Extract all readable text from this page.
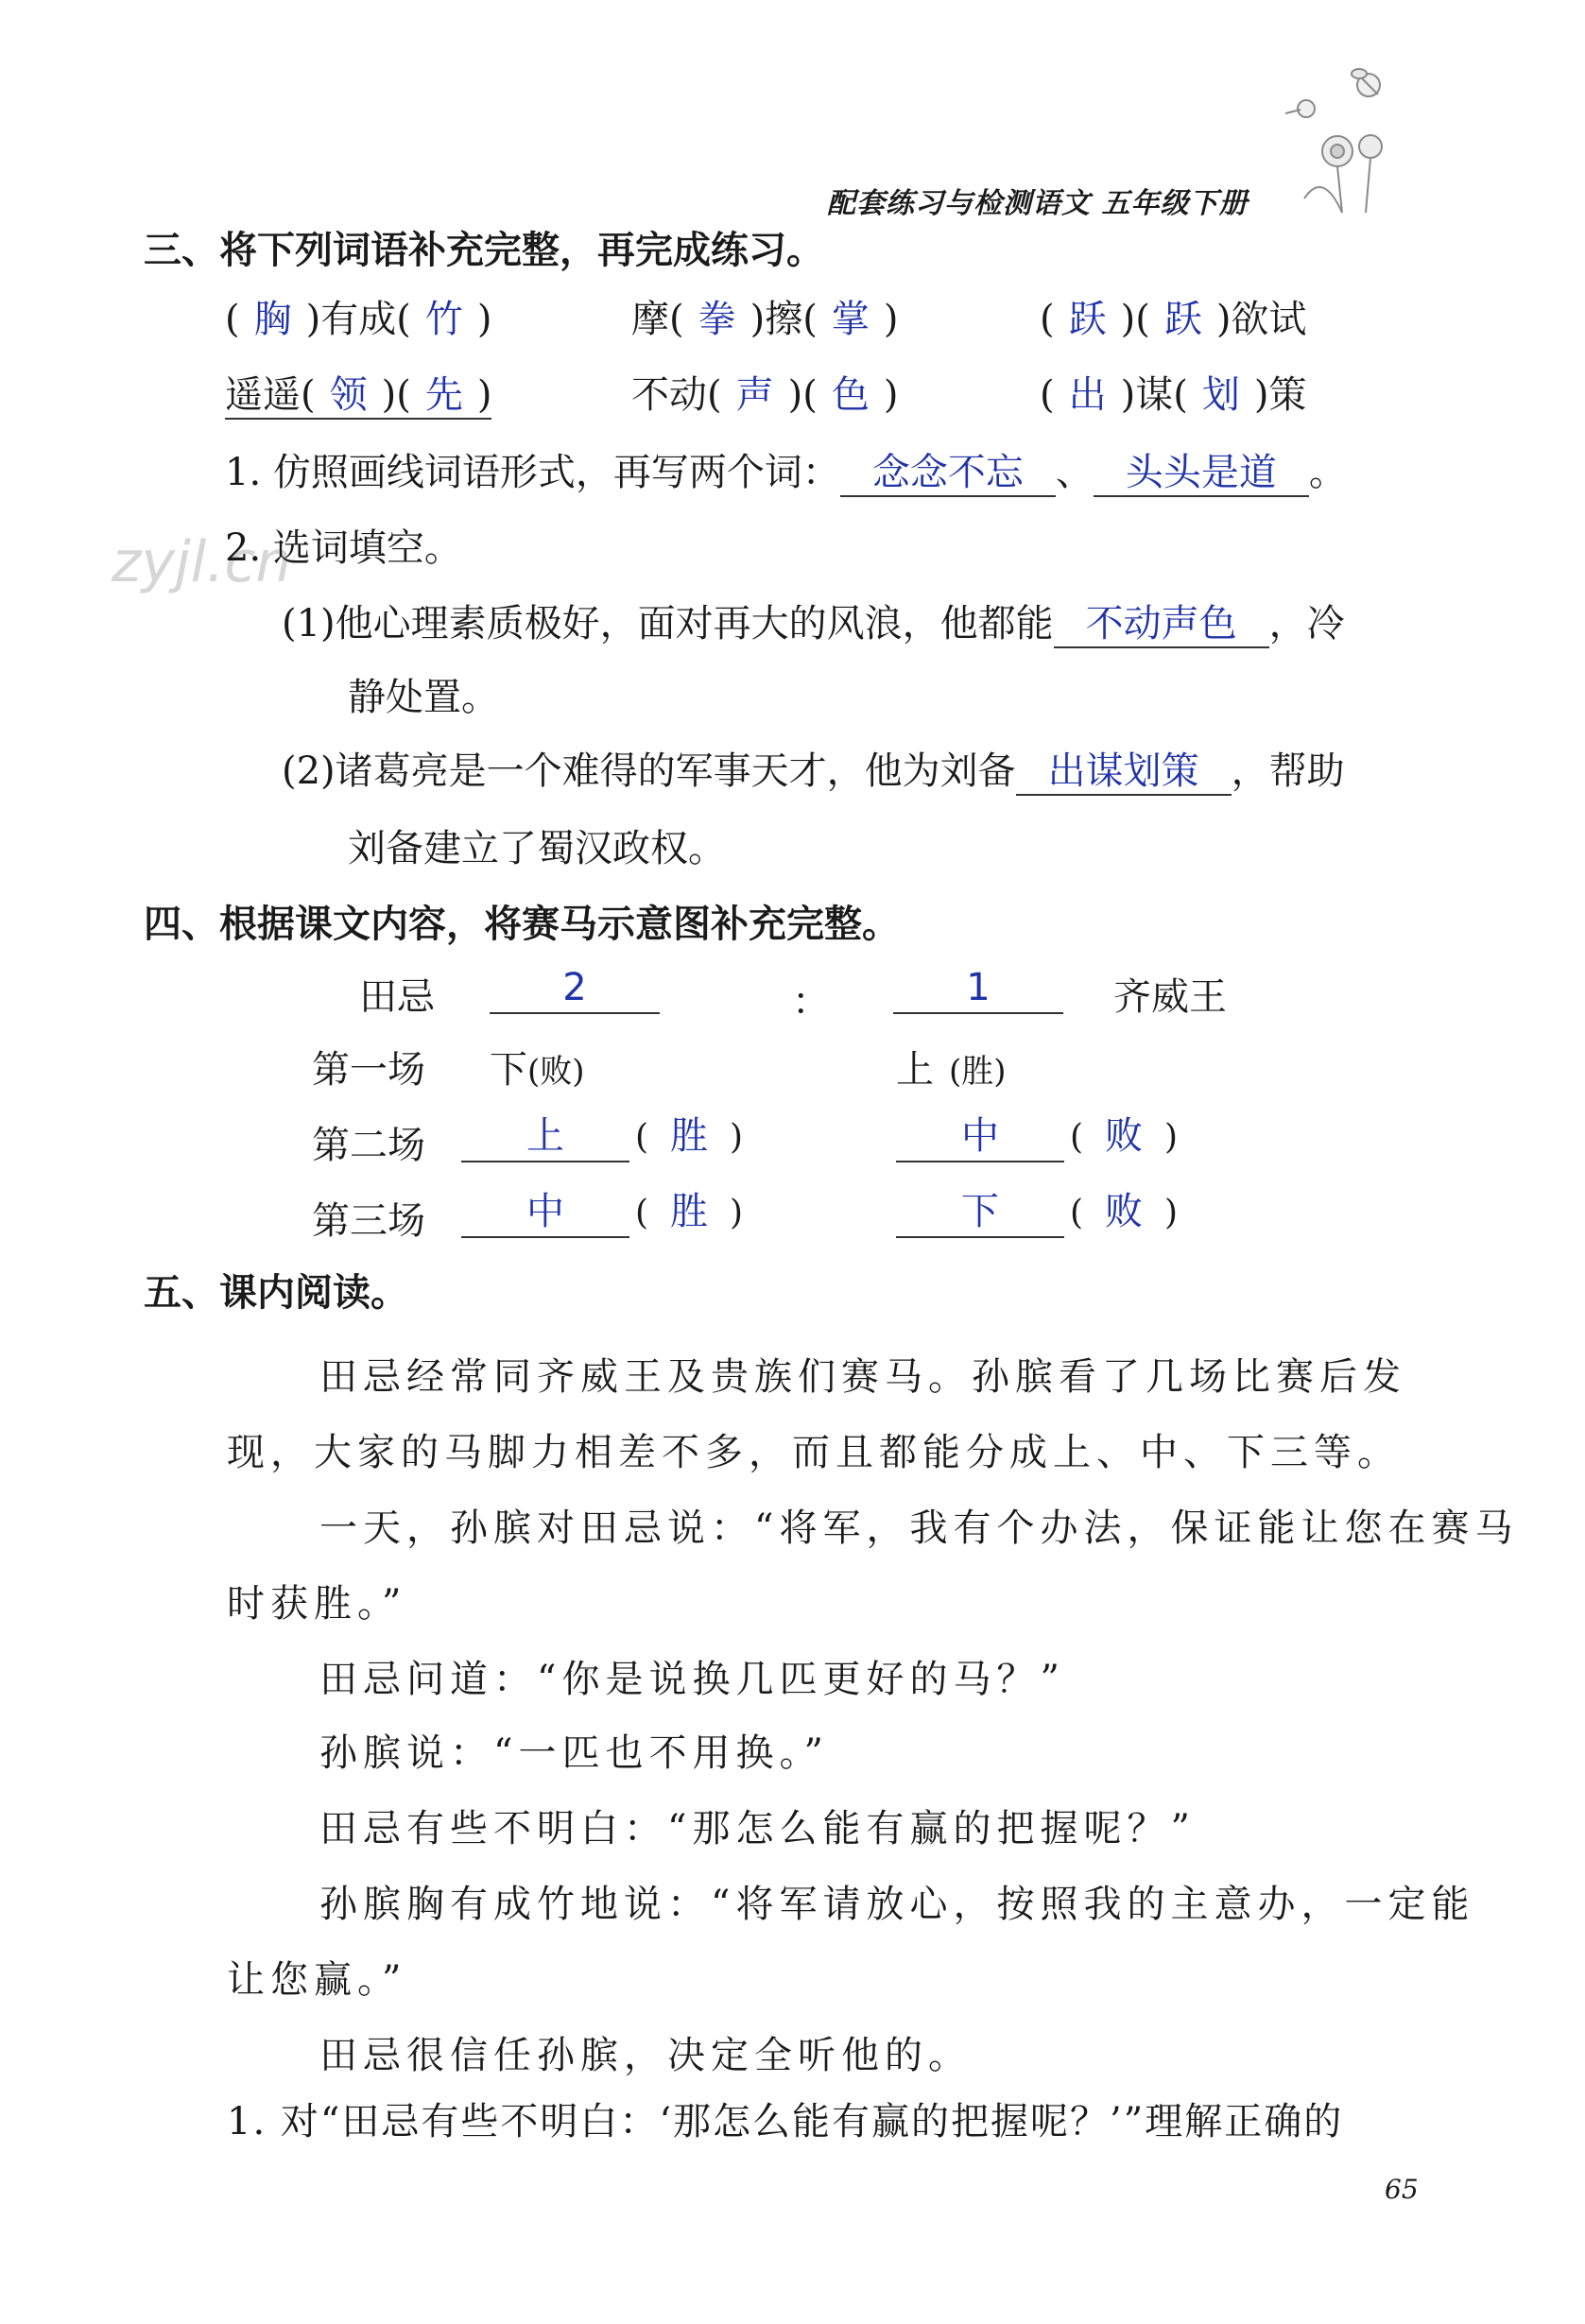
配套练习与检测语文 五年级下册
zyjl.cn
三、将下列词语补充完整，再完成练习。
( 胸 )有成( 竹 )	摩( 拳 )擦( 掌 )	( 跃 )( 跃 )欲试
遥遥( 领 )( 先 )	不动( 声 )( 色 )	( 出 )谋( 划 )策
1. 仿照画线词语形式，再写两个词： 念念不忘 、 头头是道 。
2. 选词填空。
(1)他心理素质极好，面对再大的风浪，他都能 不动声色 ，冷
静处置。
(2)诸葛亮是一个难得的军事天才，他为刘备 出谋划策 ，帮助
刘备建立了蜀汉政权。
四、根据课文内容，将赛马示意图补充完整。
田忌	2	：	1	齐威王
第一场 下(败)	上 (胜)
第二场	上 ( 胜 )	中 ( 败 )
第三场	中 ( 胜 )	下 ( 败 )
五、课内阅读。
田忌经常同齐威王及贵族们赛马。孙膑看了几场比赛后发
现，大家的马脚力相差不多，而且都能分成上、中、下三等。
一天，孙膑对田忌说：“将军，我有个办法，保证能让您在赛马
时获胜。”
田忌问道：“你是说换几匹更好的马？”
孙膑说：“一匹也不用换。”
田忌有些不明白：“那怎么能有赢的把握呢？”
孙膑胸有成竹地说：“将军请放心，按照我的主意办，一定能
让您赢。”
田忌很信任孙膑，决定全听他的。
1. 对“田忌有些不明白：‘那怎么能有赢的把握呢？’”理解正确的
65
